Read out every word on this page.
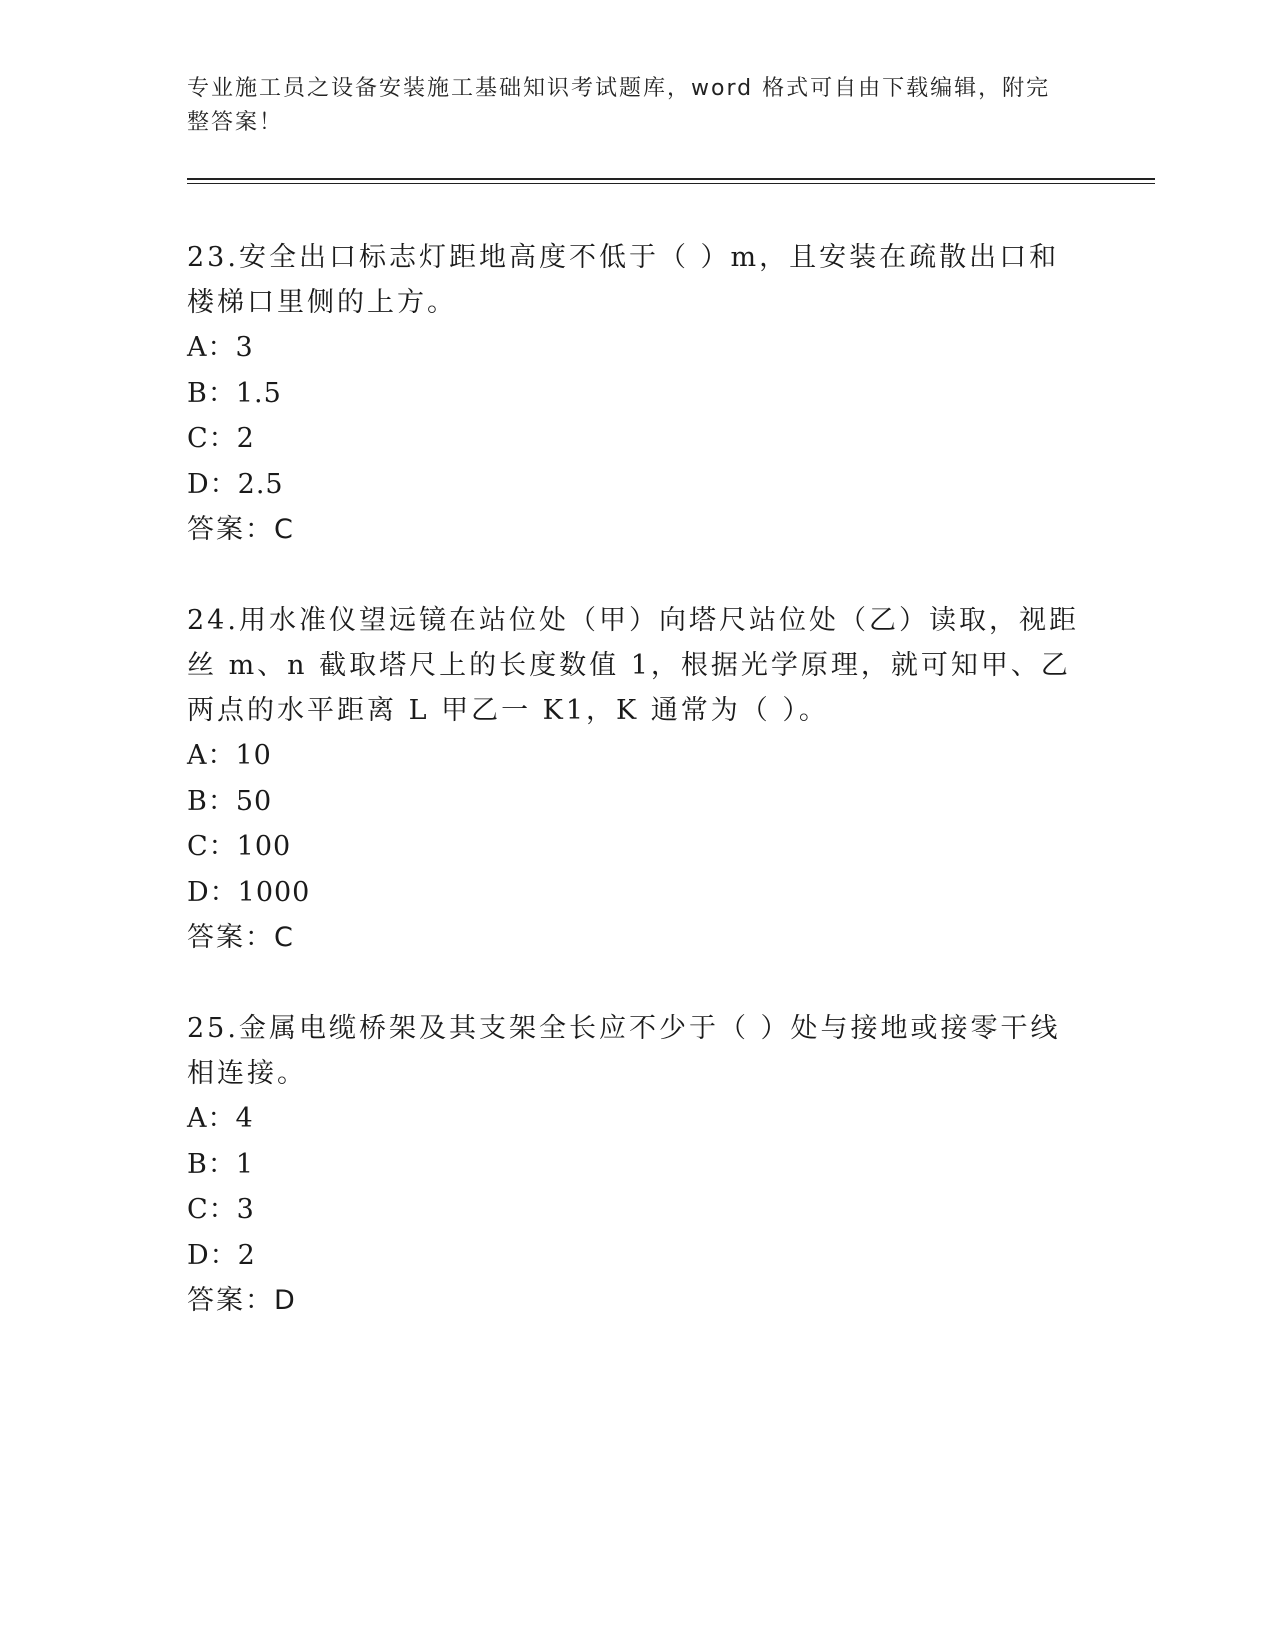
专业施工员之设备安装施工基础知识考试题库，word 格式可自由下载编辑，附完整答案！

23.安全出口标志灯距地高度不低于（ ）m，且安装在疏散出口和楼梯口里侧的上方。

A：3

B：1.5

C：2

D：2.5

答案：C

24.用水准仪望远镜在站位处（甲）向塔尺站位处（乙）读取，视距丝 m、n 截取塔尺上的长度数值 1，根据光学原理，就可知甲、乙两点的水平距离 L 甲乙一 K1，K 通常为（ ）。

A：10

B：50

C：100

D：1000

答案：C

25.金属电缆桥架及其支架全长应不少于（ ）处与接地或接零干线相连接。

A：4

B：1

C：3

D：2

答案：D
